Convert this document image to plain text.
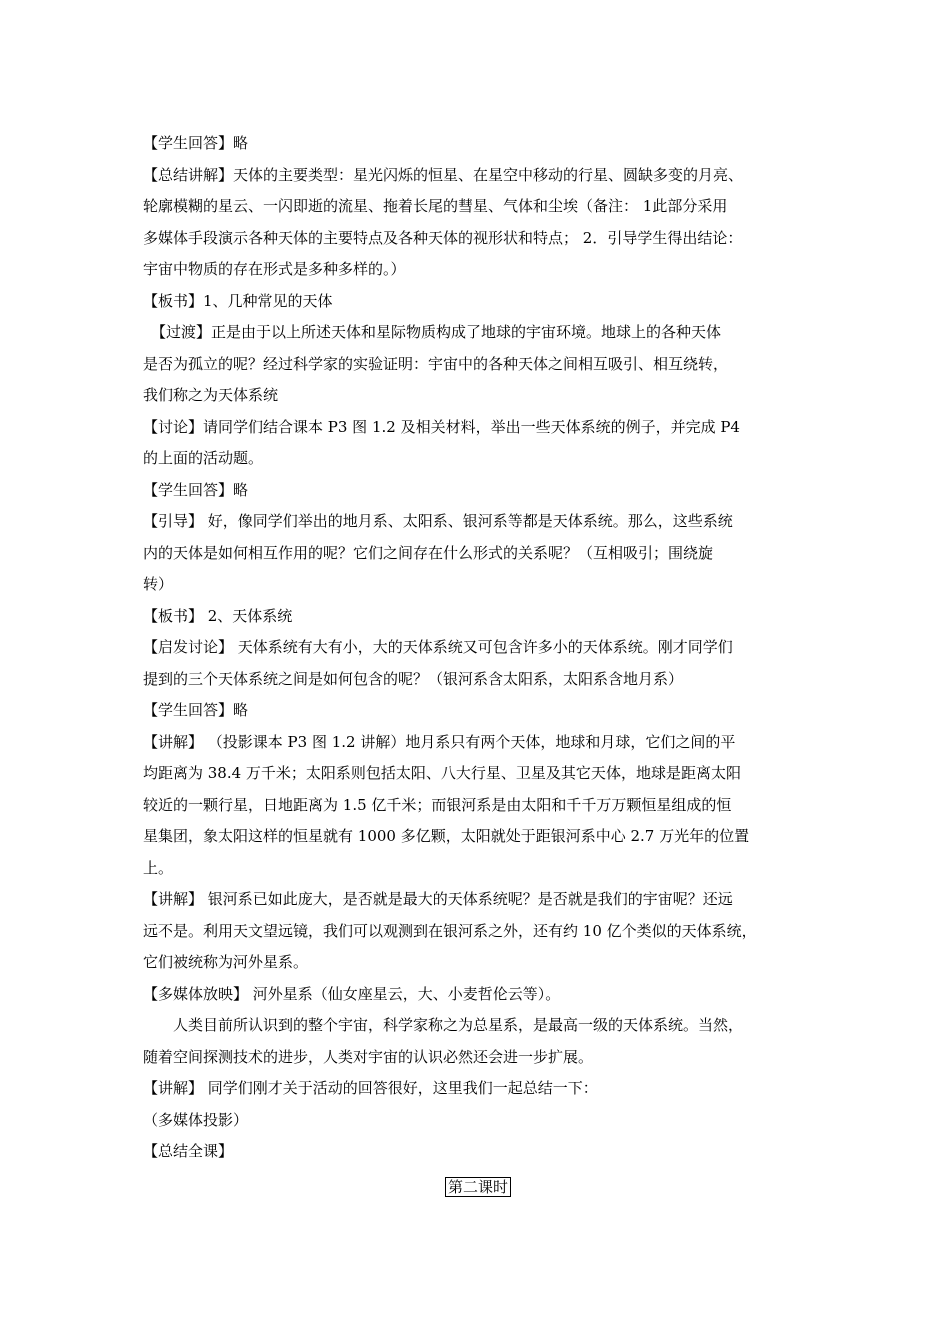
【学生回答】略
【总结讲解】天体的主要类型：星光闪烁的恒星、在星空中移动的行星、圆缺多变的月亮、
轮廓模糊的星云、一闪即逝的流星、拖着长尾的彗星、气体和尘埃（备注： 1此部分采用
多媒体手段演示各种天体的主要特点及各种天体的视形状和特点； 2．引导学生得出结论：
宇宙中物质的存在形式是多种多样的。）
【板书】1、几种常见的天体
【过渡】正是由于以上所述天体和星际物质构成了地球的宇宙环境。地球上的各种天体
是否为孤立的呢？经过科学家的实验证明：宇宙中的各种天体之间相互吸引、相互绕转，
我们称之为天体系统
【讨论】请同学们结合课本 P3 图 1.2 及相关材料，举出一些天体系统的例子，并完成 P4
的上面的活动题。
【学生回答】略
【引导】 好，像同学们举出的地月系、太阳系、银河系等都是天体系统。那么，这些系统
内的天体是如何相互作用的呢？它们之间存在什么形式的关系呢？（互相吸引；围绕旋
转）
【板书】 2、天体系统
【启发讨论】 天体系统有大有小，大的天体系统又可包含许多小的天体系统。刚才同学们
提到的三个天体系统之间是如何包含的呢？（银河系含太阳系，太阳系含地月系）
【学生回答】略
【讲解】 （投影课本 P3 图 1.2 讲解）地月系只有两个天体，地球和月球，它们之间的平
均距离为 38.4 万千米；太阳系则包括太阳、八大行星、卫星及其它天体，地球是距离太阳
较近的一颗行星，日地距离为 1.5 亿千米；而银河系是由太阳和千千万万颗恒星组成的恒
星集团，象太阳这样的恒星就有 1000 多亿颗，太阳就处于距银河系中心 2.7 万光年的位置
上。
【讲解】 银河系已如此庞大，是否就是最大的天体系统呢？是否就是我们的宇宙呢？还远
远不是。利用天文望远镜，我们可以观测到在银河系之外，还有约 10 亿个类似的天体系统，
它们被统称为河外星系。
【多媒体放映】 河外星系（仙女座星云，大、小麦哲伦云等）。
人类目前所认识到的整个宇宙，科学家称之为总星系，是最高一级的天体系统。当然，
随着空间探测技术的进步，人类对宇宙的认识必然还会进一步扩展。
【讲解】 同学们刚才关于活动的回答很好，这里我们一起总结一下：
（多媒体投影）
【总结全课】
第二课时
